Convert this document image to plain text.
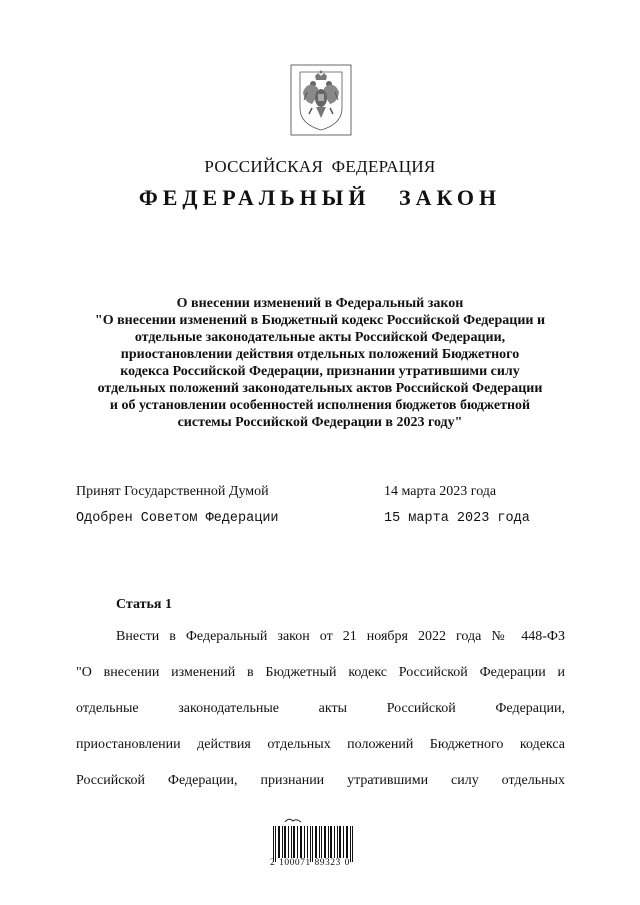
РОССИЙСКАЯ ФЕДЕРАЦИЯ
ФЕДЕРАЛЬНЫЙ ЗАКОН
О внесении изменений в Федеральный закон
"О внесении изменений в Бюджетный кодекс Российской Федерации и
отдельные законодательные акты Российской Федерации,
приостановлении действия отдельных положений Бюджетного
кодекса Российской Федерации, признании утратившими силу
отдельных положений законодательных актов Российской Федерации
и об установлении особенностей исполнения бюджетов бюджетной
системы Российской Федерации в 2023 году"
Принят Государственной Думой	14 марта 2023 года
Одобрен Советом Федерации	15 марта 2023 года
Статья 1
Внести в Федеральный закон от 21 ноября 2022 года № 448-ФЗ
"О внесении изменений в Бюджетный кодекс Российской Федерации и
отдельные законодательные акты Российской Федерации,
приостановлении действия отдельных положений Бюджетного кодекса
Российской Федерации, признании утратившими силу отдельных
2 100071 89323 0
